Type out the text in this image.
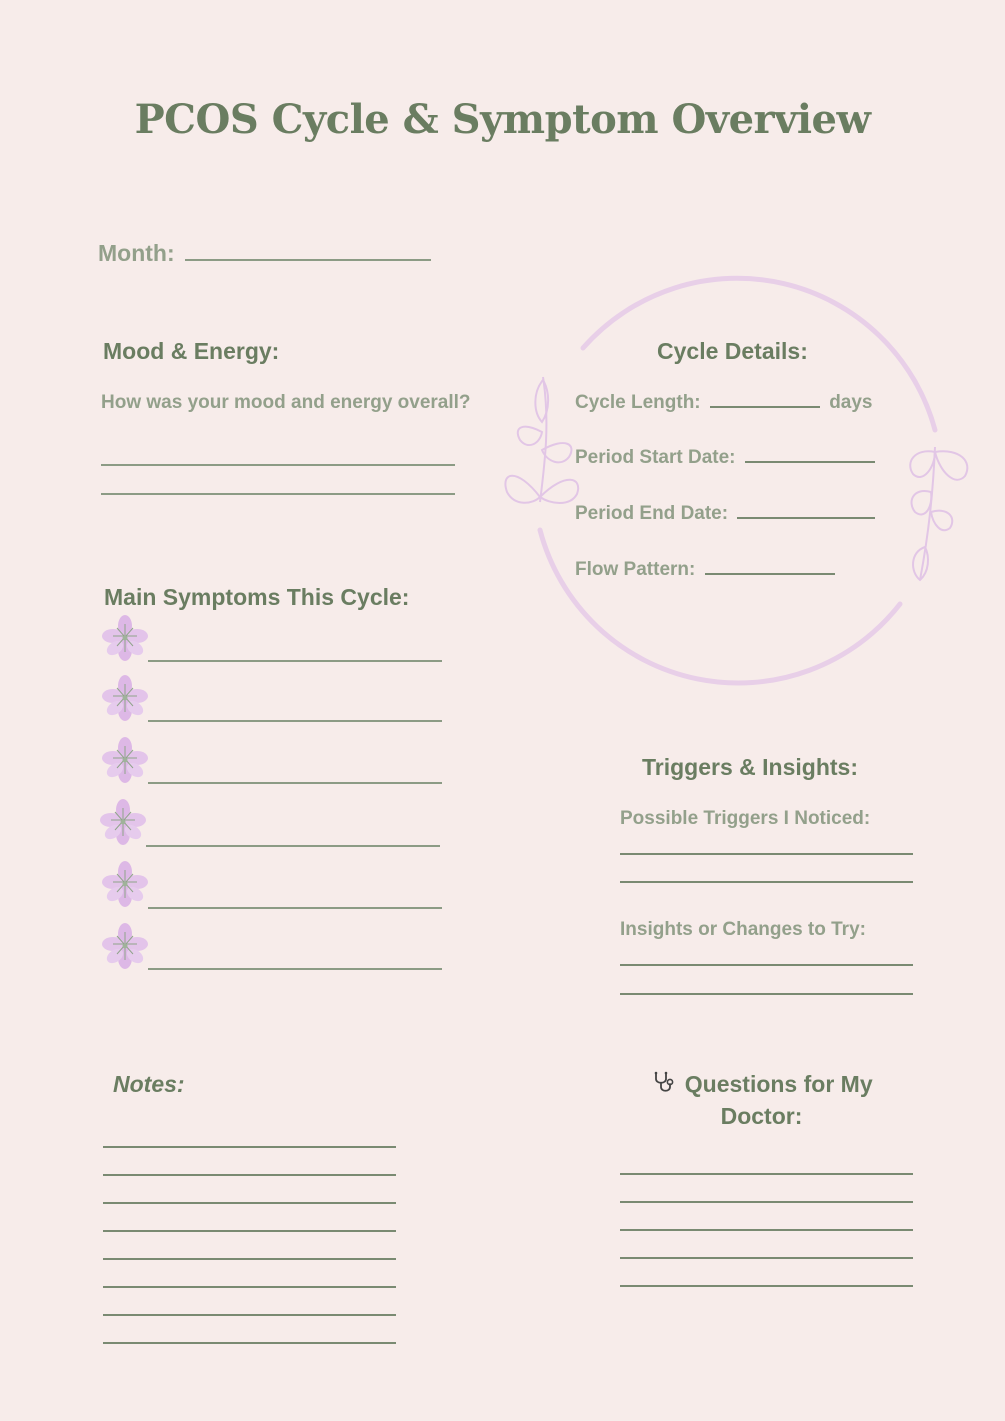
PCOS Cycle & Symptom Overview
Month:
Mood & Energy:
How was your mood and energy overall?
Cycle Details:
Cycle Length:	days
Period Start Date:
Period End Date:
Flow Pattern:
Main Symptoms This Cycle:
Triggers & Insights:
Possible Triggers I Noticed:
Insights or Changes to Try:
Notes:	Questions for My
Doctor:
